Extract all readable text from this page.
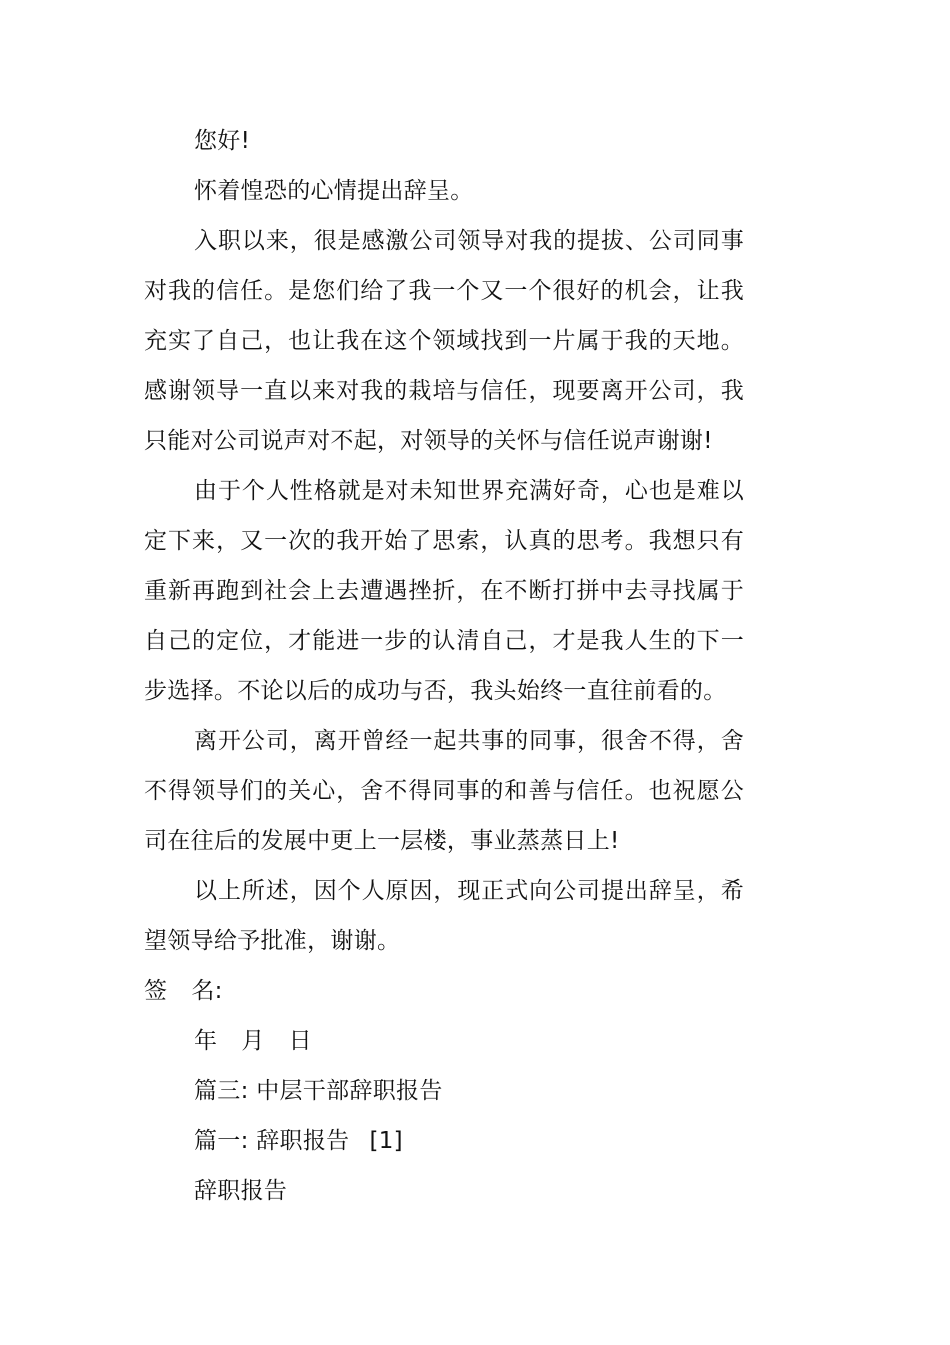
您好!

怀着惶恐的心情提出辞呈。

入职以来，很是感激公司领导对我的提拔、公司同事对我的信任。是您们给了我一个又一个很好的机会，让我充实了自己，也让我在这个领域找到一片属于我的天地。感谢领导一直以来对我的栽培与信任，现要离开公司，我只能对公司说声对不起，对领导的关怀与信任说声谢谢!

由于个人性格就是对未知世界充满好奇，心也是难以定下来，又一次的我开始了思索，认真的思考。我想只有重新再跑到社会上去遭遇挫折，在不断打拼中去寻找属于自己的定位，才能进一步的认清自己，才是我人生的下一步选择。不论以后的成功与否，我头始终一直往前看的。

离开公司，离开曾经一起共事的同事，很舍不得，舍不得领导们的关心，舍不得同事的和善与信任。也祝愿公司在往后的发展中更上一层楼，事业蒸蒸日上!

以上所述，因个人原因，现正式向公司提出辞呈，希望领导给予批准，谢谢。

签 名:

年 月 日

篇三: 中层干部辞职报告

篇一: 辞职报告 [1]

辞职报告
